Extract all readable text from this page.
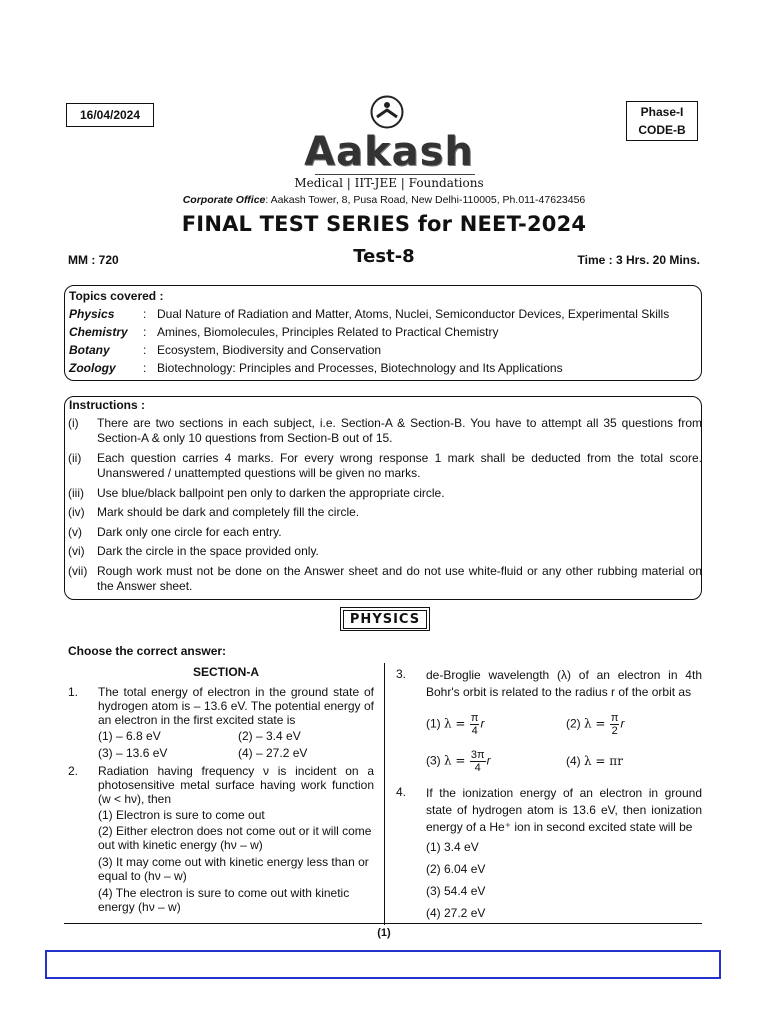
16/04/2024	Phase-I
CODE-B
Aakash
Medical | IIT-JEE | Foundations
Corporate Office: Aakash Tower, 8, Pusa Road, New Delhi-110005, Ph.011-47623456
FINAL TEST SERIES for NEET-2024
MM : 720	Test-8	Time : 3 Hrs. 20 Mins.
Topics covered :
Physics	: Dual Nature of Radiation and Matter, Atoms, Nuclei, Semiconductor Devices, Experimental Skills
Chemistry	: Amines, Biomolecules, Principles Related to Practical Chemistry
Botany	: Ecosystem, Biodiversity and Conservation
Zoology	: Biotechnology: Principles and Processes, Biotechnology and Its Applications
Instructions :
(i)	There are two sections in each subject, i.e. Section-A & Section-B. You have to attempt all 35 questions from Section-A & only 10 questions from Section-B out of 15.
(ii)	Each question carries 4 marks. For every wrong response 1 mark shall be deducted from the total score. Unanswered / unattempted questions will be given no marks.
(iii)	Use blue/black ballpoint pen only to darken the appropriate circle.
(iv)	Mark should be dark and completely fill the circle.
(v)	Dark only one circle for each entry.
(vi)	Dark the circle in the space provided only.
(vii) Rough work must not be done on the Answer sheet and do not use white-fluid or any other rubbing material on the Answer sheet.
PHYSICS
Choose the correct answer:
SECTION-A
1. The total energy of electron in the ground state of hydrogen atom is – 13.6 eV. The potential energy of an electron in the first excited state is
(1) – 6.8 eV	(2) – 3.4 eV
(3) – 13.6 eV	(4) – 27.2 eV
2. Radiation having frequency ν is incident on a photosensitive metal surface having work function (w < hν), then
(1) Electron is sure to come out
(2) Either electron does not come out or it will come out with kinetic energy (hν – w)
(3) It may come out with kinetic energy less than or equal to (hν – w)
(4) The electron is sure to come out with kinetic energy (hν – w)
3. de-Broglie wavelength (λ) of an electron in 4th Bohr's orbit is related to the radius r of the orbit as
(1) $\lambda = \frac{\pi}{4}$ r	(2) $\lambda = \frac{\pi}{2}$ r
(3) $\lambda = \frac{3\pi}{4}$ r	(4) λ = πr
4. If the ionization energy of an electron in ground state of hydrogen atom is 13.6 eV, then ionization energy of a He⁺ ion in second excited state will be
(1) 3.4 eV
(2) 6.04 eV
(3) 54.4 eV
(4) 27.2 eV
(1)
